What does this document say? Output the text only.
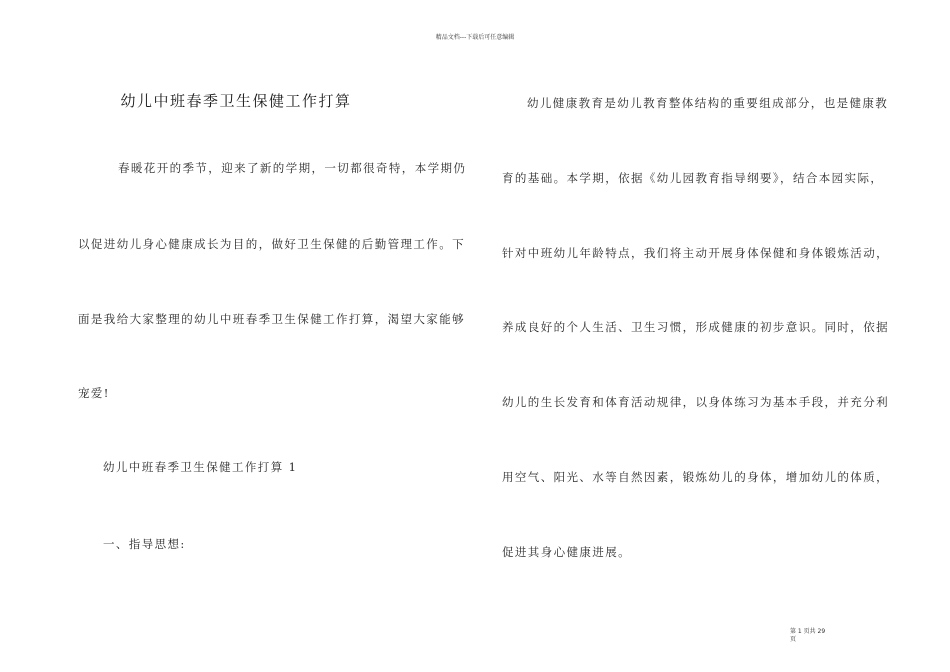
精品文档---下载后可任意编辑
幼儿中班春季卫生保健工作打算
春暖花开的季节，迎来了新的学期，一切都很奇特，本学期仍
以促进幼儿身心健康成长为目的，做好卫生保健的后勤管理工作。下
面是我给大家整理的幼儿中班春季卫生保健工作打算，渴望大家能够
宠爱!
幼儿中班春季卫生保健工作打算 1
一、指导思想:
幼儿健康教育是幼儿教育整体结构的重要组成部分，也是健康教
育的基础。本学期，依据《幼儿园教育指导纲要》，结合本园实际，
针对中班幼儿年龄特点，我们将主动开展身体保健和身体锻炼活动，
养成良好的个人生活、卫生习惯，形成健康的初步意识。同时，依据
幼儿的生长发育和体育活动规律，以身体练习为基本手段，并充分利
用空气、阳光、水等自然因素，锻炼幼儿的身体，增加幼儿的体质，
促进其身心健康进展。
第 1 页共 29
页
